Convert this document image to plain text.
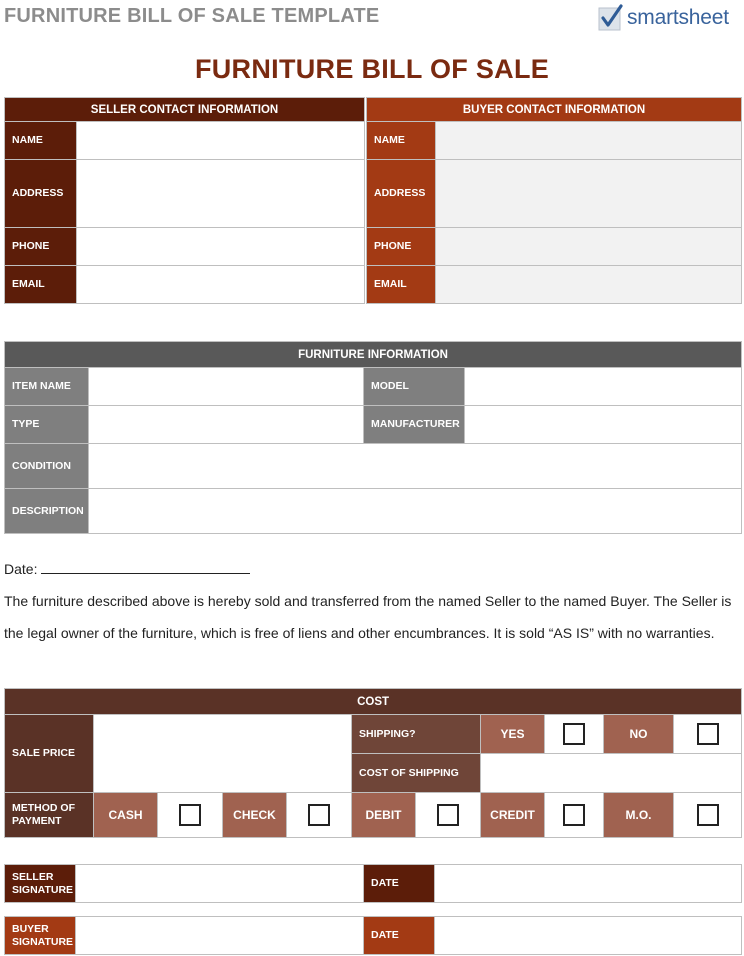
FURNITURE BILL OF SALE TEMPLATE	smartsheet
FURNITURE BILL OF SALE
SELLER CONTACT INFORMATION	
NAME	
ADDRESS	
PHONE	
EMAIL	
BUYER CONTACT INFORMATION	
NAME	
ADDRESS	
PHONE	
EMAIL	
FURNITURE INFORMATION			
ITEM NAME		MODEL	
TYPE		MANUFACTURER	
CONDITION			
DESCRIPTION			
Date:
The furniture described above is hereby sold and transferred from the named Seller to the named Buyer. The Seller is the legal owner of the furniture, which is free of liens and other encumbrances. It is sold “AS IS” with no warranties.
COST										
SALE PRICE					SHIPPING?		YES		NO	
					COST OF SHIPPING					
METHOD OF PAYMENT	CASH		CHECK		DEBIT		CREDIT		M.O.	
SELLER SIGNATURE		DATE	
BUYER SIGNATURE		DATE	
